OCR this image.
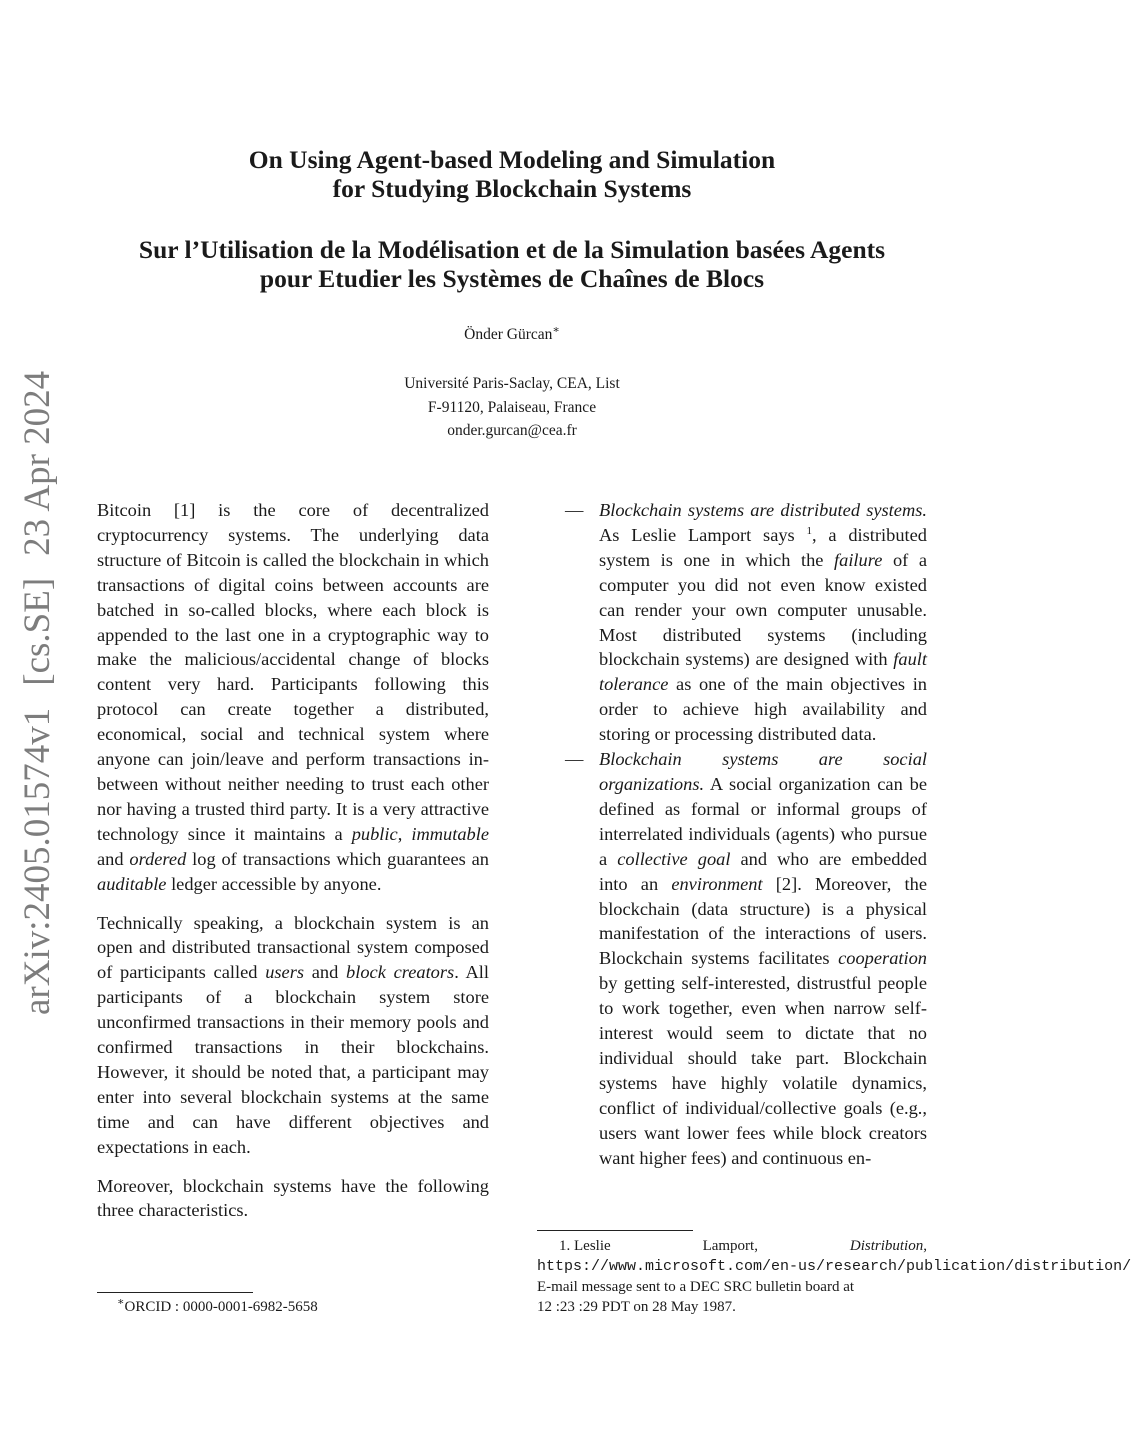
arXiv:2405.01574v1[cs.SE]23 Apr 2024
On Using Agent-based Modeling and Simulation
for Studying Blockchain Systems
Sur l’Utilisation de la Modélisation et de la Simulation basées Agents
pour Etudier les Systèmes de Chaînes de Blocs
Önder Gürcan∗
Université Paris-Saclay, CEA, List
F-91120, Palaiseau, France
onder.gurcan@cea.fr

Bitcoin [1] is the core of decentralized cryptocurrency systems. The underlying data structure of Bitcoin is called the blockchain in which transactions of digital coins between accounts are batched in so-called blocks, where each block is appended to the last one in a cryptographic way to make the malicious/accidental change of blocks content very hard. Participants following this protocol can create together a distributed, economical, social and technical system where anyone can join/leave and perform transactions in-between without neither needing to trust each other nor having a trusted third party. It is a very attractive technology since it maintains a public, immutable and ordered log of transactions which guarantees an auditable ledger accessible by anyone.

Technically speaking, a blockchain system is an open and distributed transactional system composed of participants called users and block creators. All participants of a blockchain system store unconfirmed transactions in their memory pools and confirmed transactions in their blockchains. However, it should be noted that, a participant may enter into several blockchain systems at the same time and can have different objectives and expectations in each.

Moreover, blockchain systems have the following three characteristics.

∗ORCID : 0000-0001-6982-5658
— Blockchain systems are distributed systems. As Leslie Lamport says $^1$, a distributed system is one in which the failure of a computer you did not even know existed can render your own computer unusable. Most distributed systems (including blockchain systems) are designed with fault tolerance as one of the main objectives in order to achieve high availability and storing or processing distributed data.
— Blockchain systems are social organizations. A social organization can be defined as formal or informal groups of interrelated individuals (agents) who pursue a collective goal and who are embedded into an environment [2]. Moreover, the blockchain (data structure) is a physical manifestation of the interactions of users. Blockchain systems facilitates cooperation by getting self-interested, distrustful people to work together, even when narrow self-interest would seem to dictate that no individual should take part. Blockchain systems have highly volatile dynamics, conflict of individual/collective goals (e.g., users want lower fees while block creators want higher fees) and continuous en-
1. Leslie	Lamport,	Distribution,
https://www.microsoft.com/en-us/research/publication/distribution/
E-mail message sent to a DEC SRC bulletin board at
12 :23 :29 PDT on 28 May 1987.
